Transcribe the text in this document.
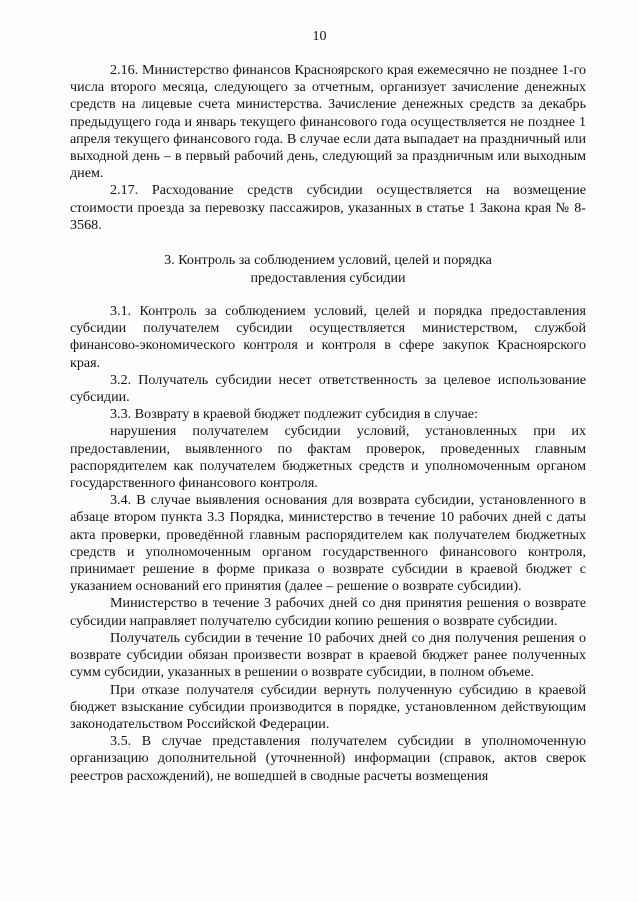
10

2.16. Министерство финансов Красноярского края ежемесячно не позднее 1-го числа второго месяца, следующего за отчетным, организует зачисление денежных средств на лицевые счета министерства. Зачисление денежных средств за декабрь предыдущего года и январь текущего финансового года осуществляется не позднее 1 апреля текущего финансового года. В случае если дата выпадает на праздничный или выходной день – в первый рабочий день, следующий за праздничным или выходным днем.

2.17. Расходование средств субсидии осуществляется на возмещение стоимости проезда за перевозку пассажиров, указанных в статье 1 Закона края № 8-3568.

3. Контроль за соблюдением условий, целей и порядка
предоставления субсидии

3.1. Контроль за соблюдением условий, целей и порядка предоставления субсидии получателем субсидии осуществляется министерством, службой финансово-экономического контроля и контроля в сфере закупок Красноярского края.

3.2. Получатель субсидии несет ответственность за целевое использование субсидии.

3.3. Возврату в краевой бюджет подлежит субсидия в случае:

нарушения получателем субсидии условий, установленных при их предоставлении, выявленного по фактам проверок, проведенных главным распорядителем как получателем бюджетных средств и уполномоченным органом государственного финансового контроля.

3.4. В случае выявления основания для возврата субсидии, установленного в абзаце втором пункта 3.3 Порядка, министерство в течение 10 рабочих дней с даты акта проверки, проведённой главным распорядителем как получателем бюджетных средств и уполномоченным органом государственного финансового контроля, принимает решение в форме приказа о возврате субсидии в краевой бюджет с указанием оснований его принятия (далее – решение о возврате субсидии).

Министерство в течение 3 рабочих дней со дня принятия решения о возврате субсидии направляет получателю субсидии копию решения о возврате субсидии.

Получатель субсидии в течение 10 рабочих дней со дня получения решения о возврате субсидии обязан произвести возврат в краевой бюджет ранее полученных сумм субсидии, указанных в решении о возврате субсидии, в полном объеме.

При отказе получателя субсидии вернуть полученную субсидию в краевой бюджет взыскание субсидии производится в порядке, установленном действующим законодательством Российской Федерации.

3.5. В случае представления получателем субсидии в уполномоченную организацию дополнительной (уточненной) информации (справок, актов сверок реестров расхождений), не вошедшей в сводные расчеты возмещения
